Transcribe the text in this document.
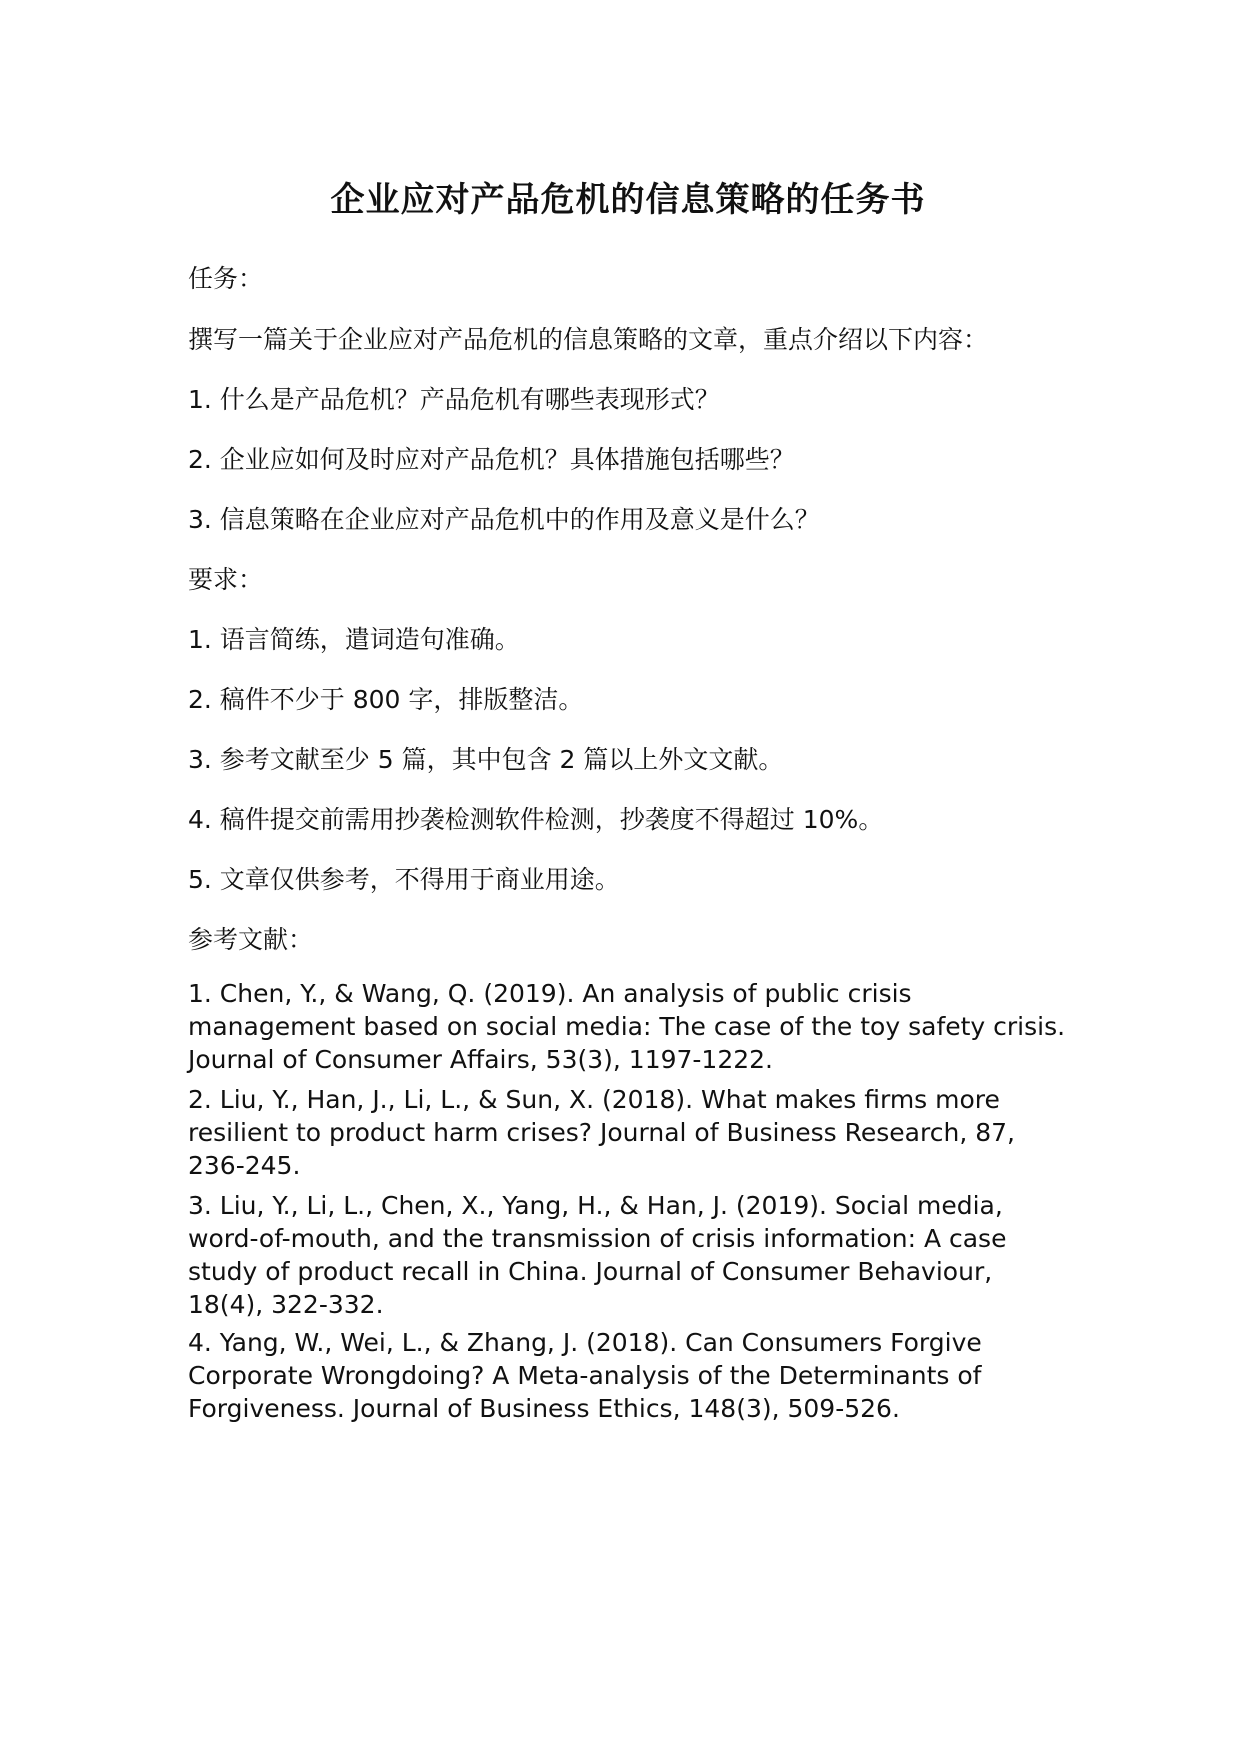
企业应对产品危机的信息策略的任务书

任务：

撰写一篇关于企业应对产品危机的信息策略的文章，重点介绍以下内容：

1. 什么是产品危机？产品危机有哪些表现形式？

2. 企业应如何及时应对产品危机？具体措施包括哪些？

3. 信息策略在企业应对产品危机中的作用及意义是什么？

要求：

1. 语言简练，遣词造句准确。

2. 稿件不少于 800 字，排版整洁。

3. 参考文献至少 5 篇，其中包含 2 篇以上外文文献。

4. 稿件提交前需用抄袭检测软件检测，抄袭度不得超过 10%。

5. 文章仅供参考，不得用于商业用途。

参考文献：

1. Chen, Y., & Wang, Q. (2019). An analysis of public crisis management based on social media: The case of the toy safety crisis. Journal of Consumer Affairs, 53(3), 1197-1222.

2. Liu, Y., Han, J., Li, L., & Sun, X. (2018). What makes firms more resilient to product harm crises? Journal of Business Research, 87, 236-245.

3. Liu, Y., Li, L., Chen, X., Yang, H., & Han, J. (2019). Social media, word-of-mouth, and the transmission of crisis information: A case study of product recall in China. Journal of Consumer Behaviour, 18(4), 322-332.

4. Yang, W., Wei, L., & Zhang, J. (2018). Can Consumers Forgive Corporate Wrongdoing? A Meta-analysis of the Determinants of Forgiveness. Journal of Business Ethics, 148(3), 509-526.
